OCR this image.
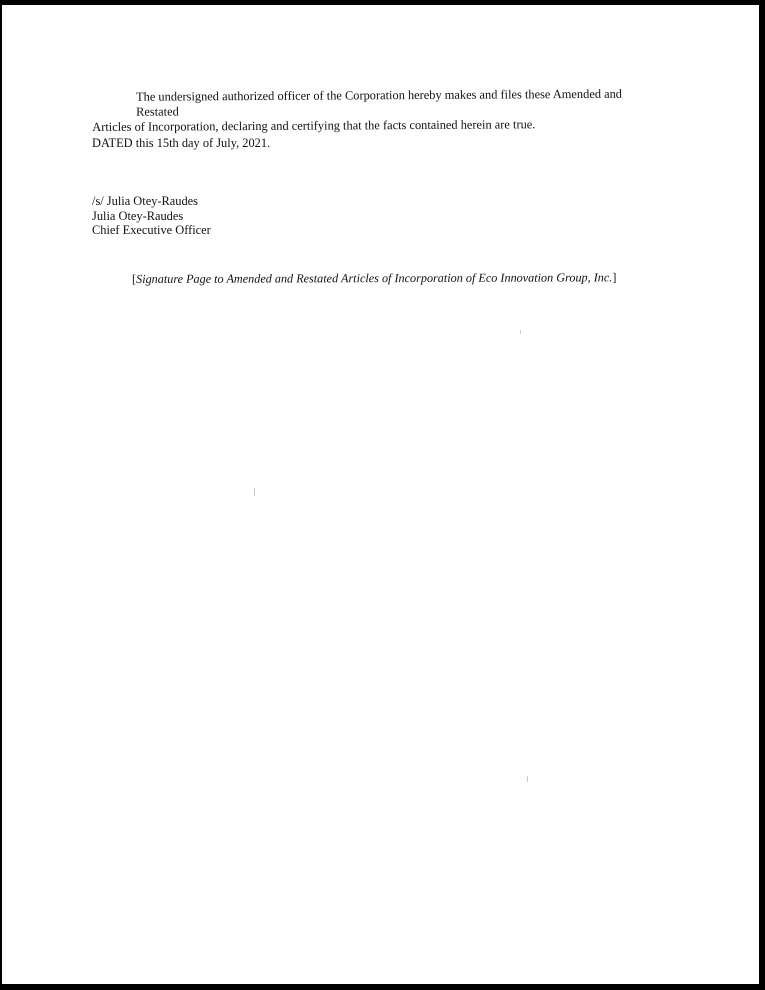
The undersigned authorized officer of the Corporation hereby makes and files these Amended and Restated
Articles of Incorporation, declaring and certifying that the facts contained herein are true.

DATED this 15th day of July, 2021.

/s/ Julia Otey-Raudes
Julia Otey-Raudes
Chief Executive Officer

[Signature Page to Amended and Restated Articles of Incorporation of Eco Innovation Group, Inc.]
